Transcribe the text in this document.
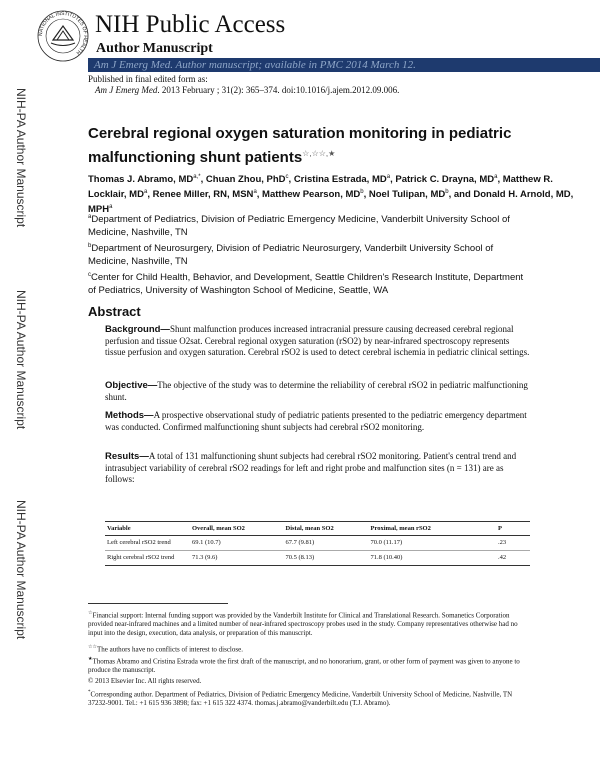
NATIONAL INSTITUTES OF HEALTH
NIH Public Access
Author Manuscript
Am J Emerg Med. Author manuscript; available in PMC 2014 March 12.
Published in final edited form as:
Am J Emerg Med. 2013 February ; 31(2): 365–374. doi:10.1016/j.ajem.2012.09.006.
NIH-PA Author Manuscript
NIH-PA Author Manuscript
NIH-PA Author Manuscript
Cerebral regional oxygen saturation monitoring in pediatric malfunctioning shunt patients☆,☆☆,★
Thomas J. Abramo, $MD^{a,*}$, Chuan Zhou, PhD$^c$, Cristina Estrada, $MD^a$, Patrick C. Drayna, $MD^a$, Matthew R. Locklair, $MD^a$, Renee Miller, RN, MSN$^a$, Matthew Pearson, $MD^b$, Noel Tulipan, $MD^b$, and Donald H. Arnold, MD, MPH$^a$
$^a$Department of Pediatrics, Division of Pediatric Emergency Medicine, Vanderbilt University School of Medicine, Nashville, TN
$^b$Department of Neurosurgery, Division of Pediatric Neurosurgery, Vanderbilt University School of Medicine, Nashville, TN
$^c$Center for Child Health, Behavior, and Development, Seattle Children's Research Institute, Department of Pediatrics, University of Washington School of Medicine, Seattle, WA
Abstract
Background—Shunt malfunction produces increased intracranial pressure causing decreased cerebral regional perfusion and tissue O2sat. Cerebral regional oxygen saturation (rSO2) by near-infrared spectroscopy represents tissue perfusion and oxygen saturation. Cerebral rSO2 is used to detect cerebral ischemia in pediatric clinical settings.
Objective—The objective of the study was to determine the reliability of cerebral rSO2 in pediatric malfunctioning shunt.
Methods—A prospective observational study of pediatric patients presented to the pediatric emergency department was conducted. Confirmed malfunctioning shunt subjects had cerebral rSO2 monitoring.
Results—A total of 131 malfunctioning shunt subjects had cerebral rSO2 monitoring. Patient's central trend and intrasubject variability of cerebral rSO2 readings for left and right probe and malfunction sites (n = 131) are as follows:
Variable	Overall, mean SO2	Distal, mean SO2	Proximal, mean rSO2	P
Left cerebral rSO2 trend	69.1 (10.7)	67.7 (9.81)	70.0 (11.17)	.23
Right cerebral rSO2 trend	71.3 (9.6)	70.5 (8.13)	71.8 (10.40)	.42
☆Financial support: Internal funding support was provided by the Vanderbilt Institute for Clinical and Translational Research. Somanetics Corporation provided near-infrared machines and a limited number of near-infrared spectroscopy probes used in the study. Company representatives otherwise had no input into the design, execution, data analysis, or preparation of this manuscript.
☆☆The authors have no conflicts of interest to disclose.
★Thomas Abramo and Cristina Estrada wrote the first draft of the manuscript, and no honorarium, grant, or other form of payment was given to anyone to produce the manuscript.
© 2013 Elsevier Inc. All rights reserved.
*Corresponding author. Department of Pediatrics, Division of Pediatric Emergency Medicine, Vanderbilt University School of Medicine, Nashville, TN 37232-9001. Tel.: +1 615 936 3898; fax: +1 615 322 4374. thomas.j.abramo@vanderbilt.edu (T.J. Abramo).
